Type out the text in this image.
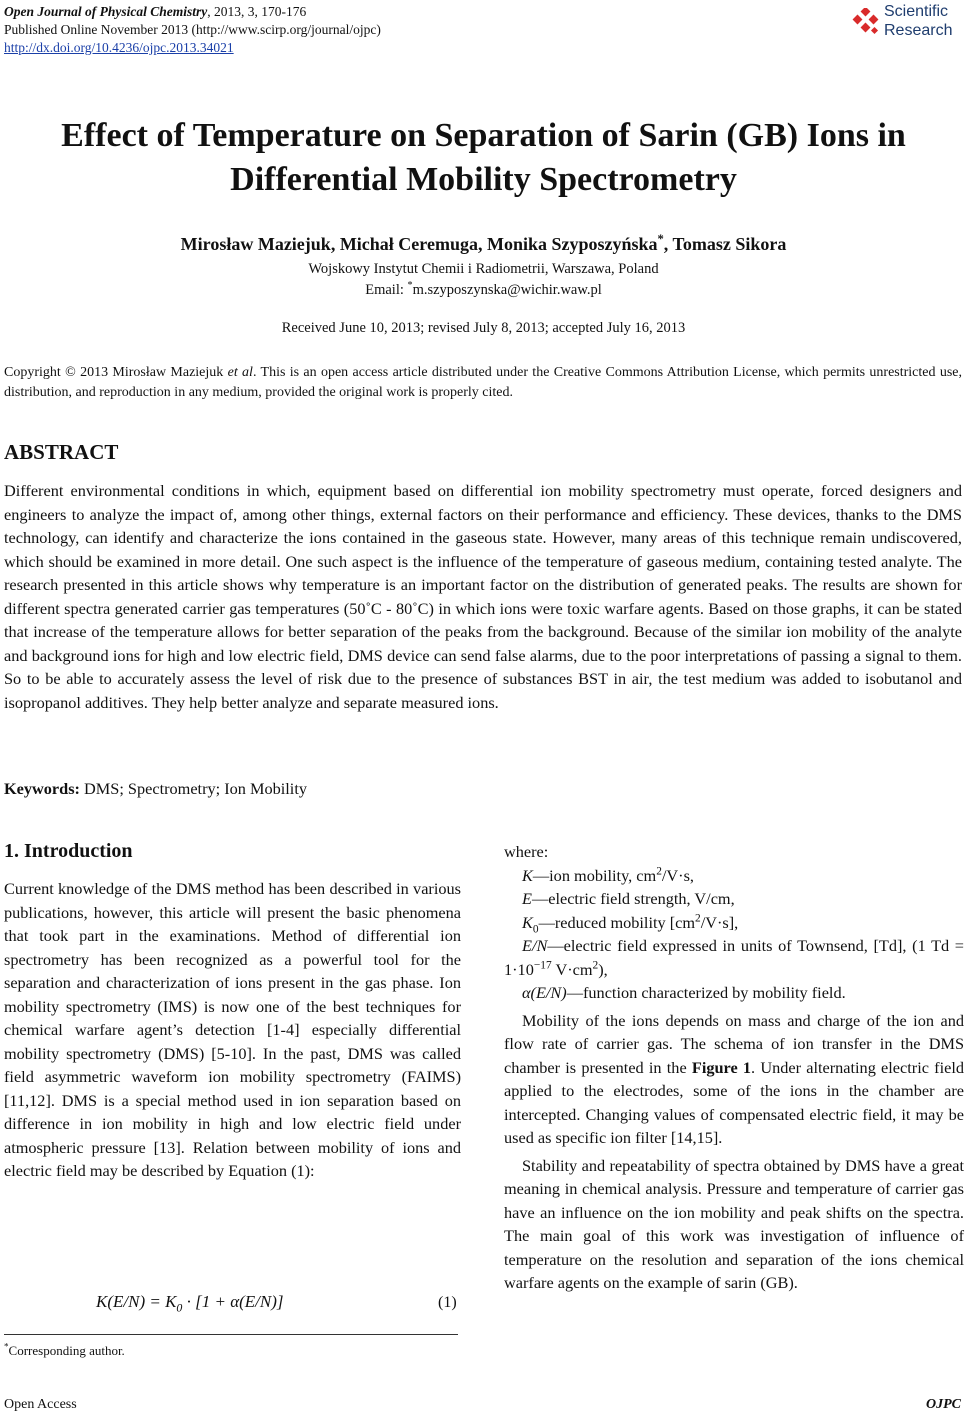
Open Journal of Physical Chemistry, 2013, 3, 170-176
Published Online November 2013 (http://www.scirp.org/journal/ojpc)
http://dx.doi.org/10.4236/ojpc.2013.34021
Scientific
Research
Effect of Temperature on Separation of Sarin (GB) Ions in
Differential Mobility Spectrometry
Mirosław Maziejuk, Michał Ceremuga, Monika Szyposzyńska*, Tomasz Sikora
Wojskowy Instytut Chemii i Radiometrii, Warszawa, Poland
Email: *m.szyposzynska@wichir.waw.pl
Received June 10, 2013; revised July 8, 2013; accepted July 16, 2013
Copyright © 2013 Mirosław Maziejuk et al. This is an open access article distributed under the Creative Commons Attribution License, which permits unrestricted use, distribution, and reproduction in any medium, provided the original work is properly cited.
ABSTRACT
Different environmental conditions in which, equipment based on differential ion mobility spectrometry must operate, forced designers and engineers to analyze the impact of, among other things, external factors on their performance and efficiency. These devices, thanks to the DMS technology, can identify and characterize the ions contained in the gaseous state. However, many areas of this technique remain undiscovered, which should be examined in more detail. One such aspect is the influence of the temperature of gaseous medium, containing tested analyte. The research presented in this article shows why temperature is an important factor on the distribution of generated peaks. The results are shown for different spectra generated carrier gas temperatures (50˚C - 80˚C) in which ions were toxic warfare agents. Based on those graphs, it can be stated that increase of the temperature allows for better separation of the peaks from the background. Because of the similar ion mobility of the analyte and background ions for high and low electric field, DMS device can send false alarms, due to the poor interpretations of passing a signal to them. So to be able to accurately assess the level of risk due to the presence of substances BST in air, the test medium was added to isobutanol and isopropanol additives. They help better analyze and separate measured ions.
Keywords: DMS; Spectrometry; Ion Mobility
1. Introduction

Current knowledge of the DMS method has been described in various publications, however, this article will present the basic phenomena that took part in the examinations. Method of differential ion spectrometry has been recognized as a powerful tool for the separation and characterization of ions present in the gas phase. Ion mobility spectrometry (IMS) is now one of the best techniques for chemical warfare agent’s detection [1-4] especially differential mobility spectrometry (DMS) [5-10]. In the past, DMS was called field asymmetric waveform ion mobility spectrometry (FAIMS) [11,12]. DMS is a special method used in ion separation based on difference in ion mobility in high and low electric field under atmospheric pressure [13]. Relation between mobility of ions and electric field may be described by Equation (1):

$K(E/N) = K_0 \cdot [1 + \alpha(E/N)]$	(1)
*Corresponding author.

where:

K—ion mobility, $cm^2/V\cdot s$,

E—electric field strength, V/cm,

$K_0—reduced$ mobility $[cm^2/V\cdot s]$,

E/N—electric field expressed in units of Townsend, [Td], (1 $Td = 1\cdot 10^{-17}$ $V\cdot cm^2$),

α(E/N)—function characterized by mobility field.

Mobility of the ions depends on mass and charge of the ion and flow rate of carrier gas. The schema of ion transfer in the DMS chamber is presented in the Figure 1. Under alternating electric field applied to the electrodes, some of the ions in the chamber are intercepted. Changing values of compensated electric field, it may be used as specific ion filter [14,15].

Stability and repeatability of spectra obtained by DMS have a great meaning in chemical analysis. Pressure and temperature of carrier gas have an influence on the ion mobility and peak shifts on the spectra. The main goal of this work was investigation of influence of temperature on the resolution and separation of the ions chemical warfare agents on the example of sarin (GB).

Open Access	OJPC
